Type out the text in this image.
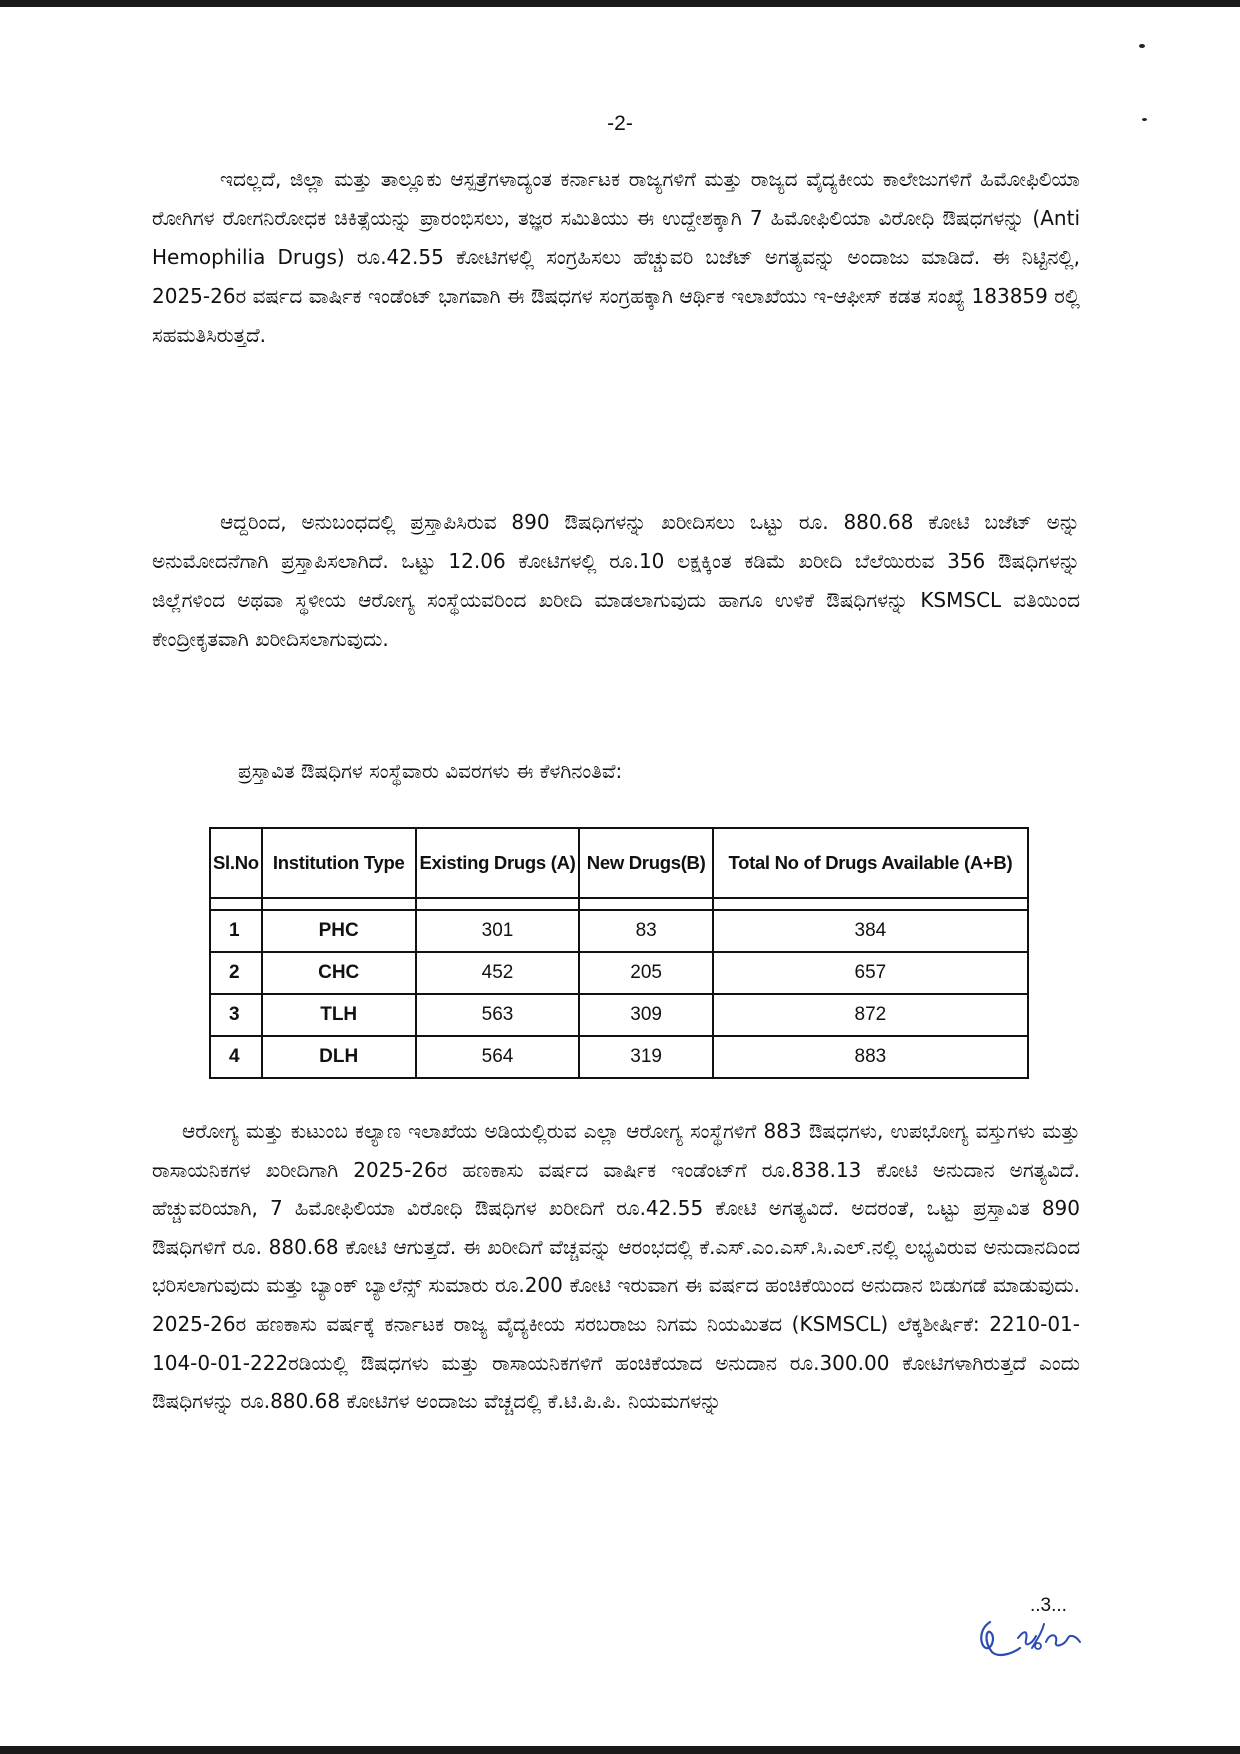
-2-

ಇದಲ್ಲದೆ, ಜಿಲ್ಲಾ ಮತ್ತು ತಾಲ್ಲೂಕು ಆಸ್ಪತ್ರೆಗಳಾದ್ಯಂತ ಕರ್ನಾಟಕ ರಾಜ್ಯಗಳಿಗೆ ಮತ್ತು ರಾಜ್ಯದ ವೈದ್ಯಕೀಯ ಕಾಲೇಜುಗಳಿಗೆ ಹಿಮೋಫಿಲಿಯಾ ರೋಗಿಗಳ ರೋಗನಿರೋಧಕ ಚಿಕಿತ್ಸೆಯನ್ನು ಪ್ರಾರಂಭಿಸಲು, ತಜ್ಞರ ಸಮಿತಿಯು ಈ ಉದ್ದೇಶಕ್ಕಾಗಿ 7 ಹಿಮೋಫಿಲಿಯಾ ವಿರೋಧಿ ಔಷಧಗಳನ್ನು (Anti Hemophilia Drugs) ರೂ.42.55 ಕೋಟಿಗಳಲ್ಲಿ ಸಂಗ್ರಹಿಸಲು ಹೆಚ್ಚುವರಿ ಬಜೆಟ್ ಅಗತ್ಯವನ್ನು ಅಂದಾಜು ಮಾಡಿದೆ. ಈ ನಿಟ್ಟಿನಲ್ಲಿ, 2025-26ರ ವರ್ಷದ ವಾರ್ಷಿಕ ಇಂಡೆಂಟ್ ಭಾಗವಾಗಿ ಈ ಔಷಧಗಳ ಸಂಗ್ರಹಕ್ಕಾಗಿ ಆರ್ಥಿಕ ಇಲಾಖೆಯು ಇ-ಆಫೀಸ್ ಕಡತ ಸಂಖ್ಯೆ 183859 ರಲ್ಲಿ ಸಹಮತಿಸಿರುತ್ತದೆ.

ಆದ್ದರಿಂದ, ಅನುಬಂಧದಲ್ಲಿ ಪ್ರಸ್ತಾಪಿಸಿರುವ 890 ಔಷಧಿಗಳನ್ನು ಖರೀದಿಸಲು ಒಟ್ಟು ರೂ. 880.68 ಕೋಟಿ ಬಜೆಟ್ ಅನ್ನು ಅನುಮೋದನೆಗಾಗಿ ಪ್ರಸ್ತಾಪಿಸಲಾಗಿದೆ. ಒಟ್ಟು 12.06 ಕೋಟಿಗಳಲ್ಲಿ ರೂ.10 ಲಕ್ಷಕ್ಕಿಂತ ಕಡಿಮೆ ಖರೀದಿ ಬೆಲೆಯಿರುವ 356 ಔಷಧಿಗಳನ್ನು ಜಿಲ್ಲೆಗಳಿಂದ ಅಥವಾ ಸ್ಥಳೀಯ ಆರೋಗ್ಯ ಸಂಸ್ಥೆಯವರಿಂದ ಖರೀದಿ ಮಾಡಲಾಗುವುದು ಹಾಗೂ ಉಳಿಕೆ ಔಷಧಿಗಳನ್ನು KSMSCL ವತಿಯಿಂದ ಕೇಂದ್ರೀಕೃತವಾಗಿ ಖರೀದಿಸಲಾಗುವುದು.

ಪ್ರಸ್ತಾವಿತ ಔಷಧಿಗಳ ಸಂಸ್ಥೆವಾರು ವಿವರಗಳು ಈ ಕೆಳಗಿನಂತಿವೆ:
Sl.No	Institution Type	Existing Drugs (A)	New Drugs(B)	Total No of Drugs Available (A+B)

1	PHC	301	83	384
2	CHC	452	205	657
3	TLH	563	309	872
4	DLH	564	319	883

ಆರೋಗ್ಯ ಮತ್ತು ಕುಟುಂಬ ಕಲ್ಯಾಣ ಇಲಾಖೆಯ ಅಡಿಯಲ್ಲಿರುವ ಎಲ್ಲಾ ಆರೋಗ್ಯ ಸಂಸ್ಥೆಗಳಿಗೆ 883 ಔಷಧಗಳು, ಉಪಭೋಗ್ಯ ವಸ್ತುಗಳು ಮತ್ತು ರಾಸಾಯನಿಕಗಳ ಖರೀದಿಗಾಗಿ 2025-26ರ ಹಣಕಾಸು ವರ್ಷದ ವಾರ್ಷಿಕ ಇಂಡೆಂಟ್‌ಗೆ ರೂ.838.13 ಕೋಟಿ ಅನುದಾನ ಅಗತ್ಯವಿದೆ. ಹೆಚ್ಚುವರಿಯಾಗಿ, 7 ಹಿಮೋಫಿಲಿಯಾ ವಿರೋಧಿ ಔಷಧಿಗಳ ಖರೀದಿಗೆ ರೂ.42.55 ಕೋಟಿ ಅಗತ್ಯವಿದೆ. ಅದರಂತೆ, ಒಟ್ಟು ಪ್ರಸ್ತಾವಿತ 890 ಔಷಧಿಗಳಿಗೆ ರೂ. 880.68 ಕೋಟಿ ಆಗುತ್ತದೆ. ಈ ಖರೀದಿಗೆ ವೆಚ್ಚವನ್ನು ಆರಂಭದಲ್ಲಿ ಕೆ.ಎಸ್.ಎಂ.ಎಸ್.ಸಿ.ಎಲ್.ನಲ್ಲಿ ಲಭ್ಯವಿರುವ ಅನುದಾನದಿಂದ ಭರಿಸಲಾಗುವುದು ಮತ್ತು ಬ್ಯಾಂಕ್ ಬ್ಯಾಲೆನ್ಸ್ ಸುಮಾರು ರೂ.200 ಕೋಟಿ ಇರುವಾಗ ಈ ವರ್ಷದ ಹಂಚಿಕೆಯಿಂದ ಅನುದಾನ ಬಿಡುಗಡೆ ಮಾಡುವುದು. 2025-26ರ ಹಣಕಾಸು ವರ್ಷಕ್ಕೆ ಕರ್ನಾಟಕ ರಾಜ್ಯ ವೈದ್ಯಕೀಯ ಸರಬರಾಜು ನಿಗಮ ನಿಯಮಿತದ (KSMSCL) ಲೆಕ್ಕಶೀರ್ಷಿಕೆ: 2210-01-104-0-01-222ರಡಿಯಲ್ಲಿ ಔಷಧಗಳು ಮತ್ತು ರಾಸಾಯನಿಕಗಳಿಗೆ ಹಂಚಿಕೆಯಾದ ಅನುದಾನ ರೂ.300.00 ಕೋಟಿಗಳಾಗಿರುತ್ತದೆ ಎಂದು ಔಷಧಿಗಳನ್ನು ರೂ.880.68 ಕೋಟಿಗಳ ಅಂದಾಜು ವೆಚ್ಚದಲ್ಲಿ ಕೆ.ಟಿ.ಪಿ.ಪಿ. ನಿಯಮಗಳನ್ನು

..3...
